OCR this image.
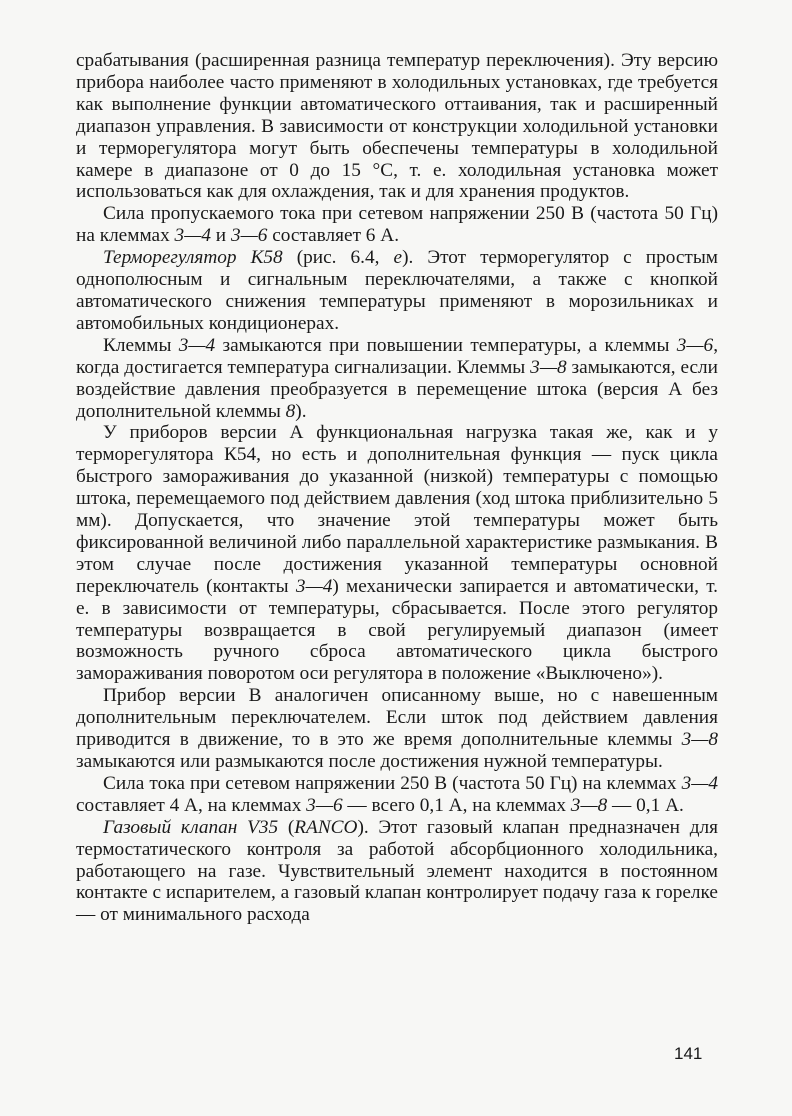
срабатывания (расширенная разница температур переключения). Эту версию прибора наиболее часто применяют в холодильных установках, где требуется как выполнение функции автоматического оттаивания, так и расширенный диапазон управления. В зависимости от конструкции холодильной установки и терморегулятора могут быть обеспечены температуры в холодильной камере в диапазоне от 0 до 15 °С, т. е. холодильная установка может использоваться как для охлаждения, так и для хранения продуктов.

Сила пропускаемого тока при сетевом напряжении 250 В (частота 50 Гц) на клеммах 3—4 и 3—6 составляет 6 А.

Терморегулятор К58 (рис. 6.4, е). Этот терморегулятор с простым однополюсным и сигнальным переключателями, а также с кнопкой автоматического снижения температуры применяют в морозильниках и автомобильных кондиционерах.

Клеммы 3—4 замыкаются при повышении температуры, а клеммы 3—6, когда достигается температура сигнализации. Клеммы 3—8 замыкаются, если воздействие давления преобразуется в перемещение штока (версия А без дополнительной клеммы 8).

У приборов версии А функциональная нагрузка такая же, как и у терморегулятора К54, но есть и дополнительная функция — пуск цикла быстрого замораживания до указанной (низкой) температуры с помощью штока, перемещаемого под действием давления (ход штока приблизительно 5 мм). Допускается, что значение этой температуры может быть фиксированной величиной либо параллельной характеристике размыкания. В этом случае после достижения указанной температуры основной переключатель (контакты 3—4) механически запирается и автоматически, т. е. в зависимости от температуры, сбрасывается. После этого регулятор температуры возвращается в свой регулируемый диапазон (имеет возможность ручного сброса автоматического цикла быстрого замораживания поворотом оси регулятора в положение «Выключено»).

Прибор версии В аналогичен описанному выше, но с навешенным дополнительным переключателем. Если шток под действием давления приводится в движение, то в это же время дополнительные клеммы 3—8 замыкаются или размыкаются после достижения нужной температуры.

Сила тока при сетевом напряжении 250 В (частота 50 Гц) на клеммах 3—4 составляет 4 А, на клеммах 3—6 — всего 0,1 А, на клеммах 3—8 — 0,1 А.

Газовый клапан V35 (RANCO). Этот газовый клапан предназначен для термостатического контроля за работой абсорбционного холодильника, работающего на газе. Чувствительный элемент находится в постоянном контакте с испарителем, а газовый клапан контролирует подачу газа к горелке — от минимального расхода

141
